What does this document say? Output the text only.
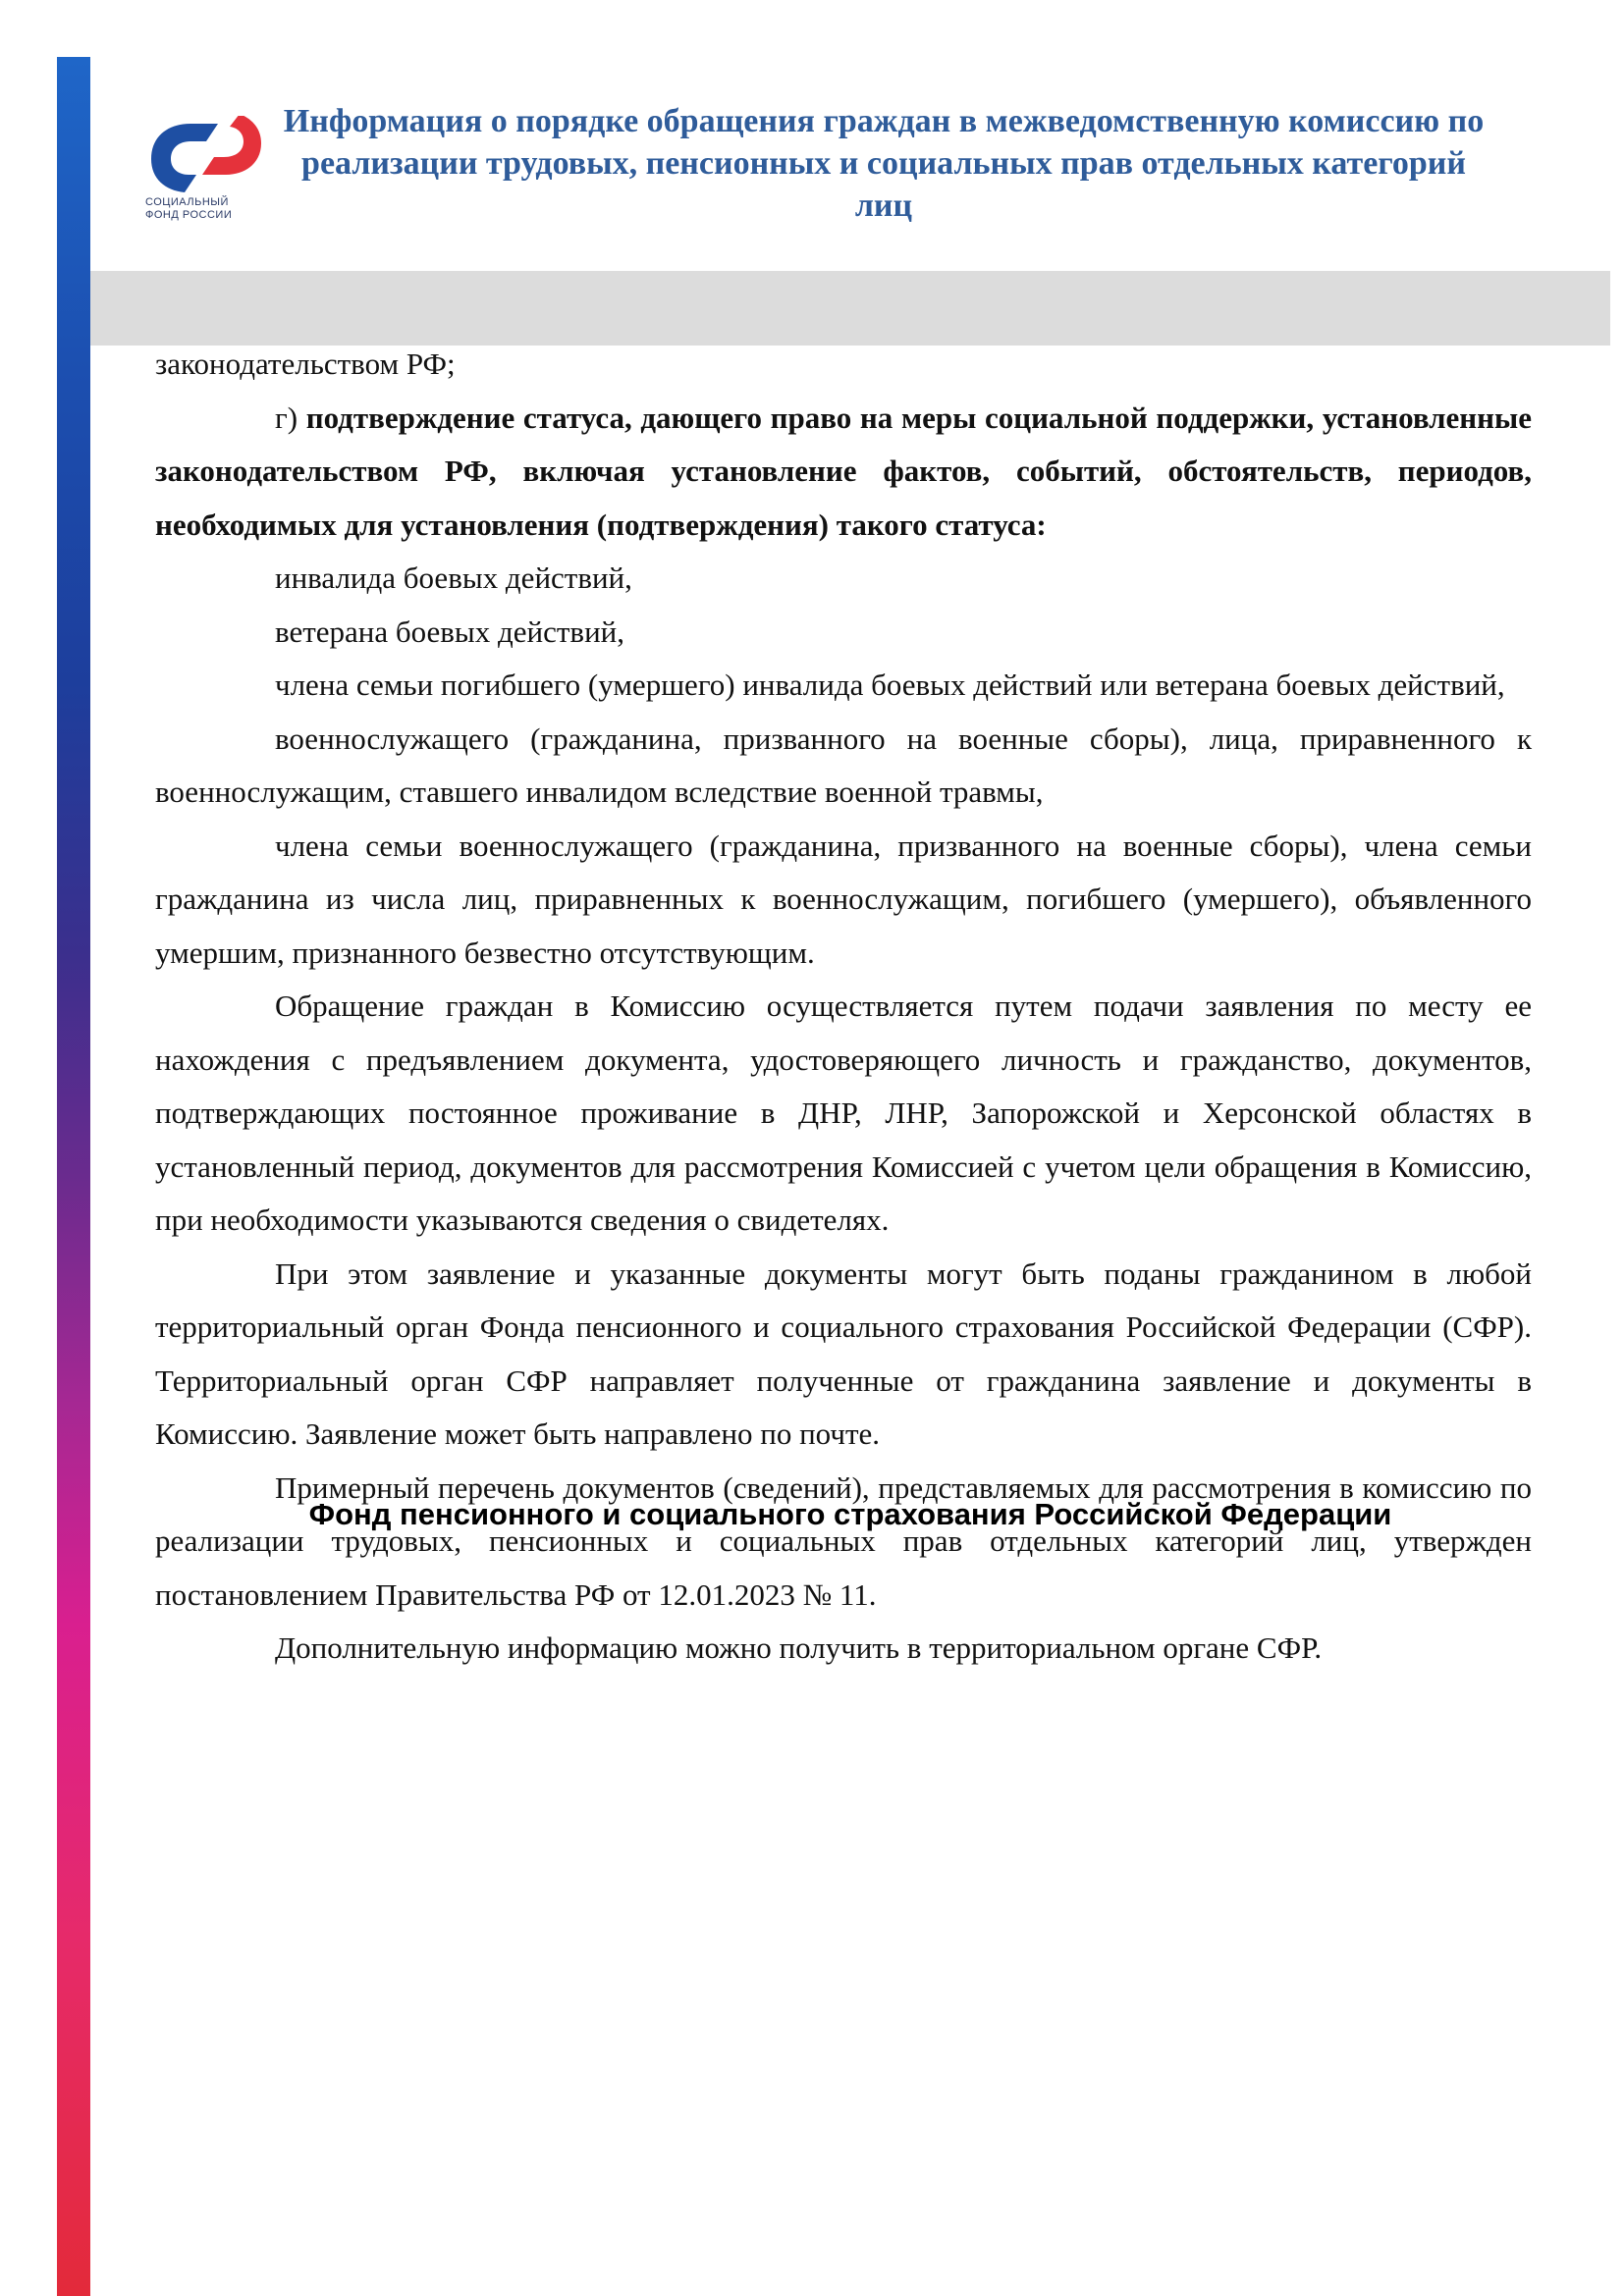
СОЦИАЛЬНЫЙ
ФОНД РОССИИ
Информация о порядке обращения граждан в межведомственную комиссию по реализации трудовых, пенсионных и социальных прав отдельных категорий лиц

законодательством РФ;

г) подтверждение статуса, дающего право на меры социальной поддержки, установленные законодательством РФ, включая установление фактов, событий, обстоятельств, периодов, необходимых для установления (подтверждения) такого статуса:

инвалида боевых действий,

ветерана боевых действий,

члена семьи погибшего (умершего) инвалида боевых действий или ветерана боевых действий,

военнослужащего (гражданина, призванного на военные сборы), лица, приравненного к военнослужащим, ставшего инвалидом вследствие военной травмы,

члена семьи военнослужащего (гражданина, призванного на военные сборы), члена семьи гражданина из числа лиц, приравненных к военнослужащим, погибшего (умершего), объявленного умершим, признанного безвестно отсутствующим.

Обращение граждан в Комиссию осуществляется путем подачи заявления по месту ее нахождения с предъявлением документа, удостоверяющего личность и гражданство, документов, подтверждающих постоянное проживание в ДНР, ЛНР, Запорожской и Херсонской областях в установленный период, документов для рассмотрения Комиссией с учетом цели обращения в Комиссию, при необходимости указываются сведения о свидетелях.

При этом заявление и указанные документы могут быть поданы гражданином в любой территориальный орган Фонда пенсионного и социального страхования Российской Федерации (СФР). Территориальный орган СФР направляет полученные от гражданина заявление и документы в Комиссию. Заявление может быть направлено по почте.

Примерный перечень документов (сведений), представляемых для рассмотрения в комиссию по реализации трудовых, пенсионных и социальных прав отдельных категорий лиц, утвержден постановлением Правительства РФ от 12.01.2023 № 11.

Дополнительную информацию можно получить в территориальном органе СФР.

Фонд пенсионного и социального страхования Российской Федерации
